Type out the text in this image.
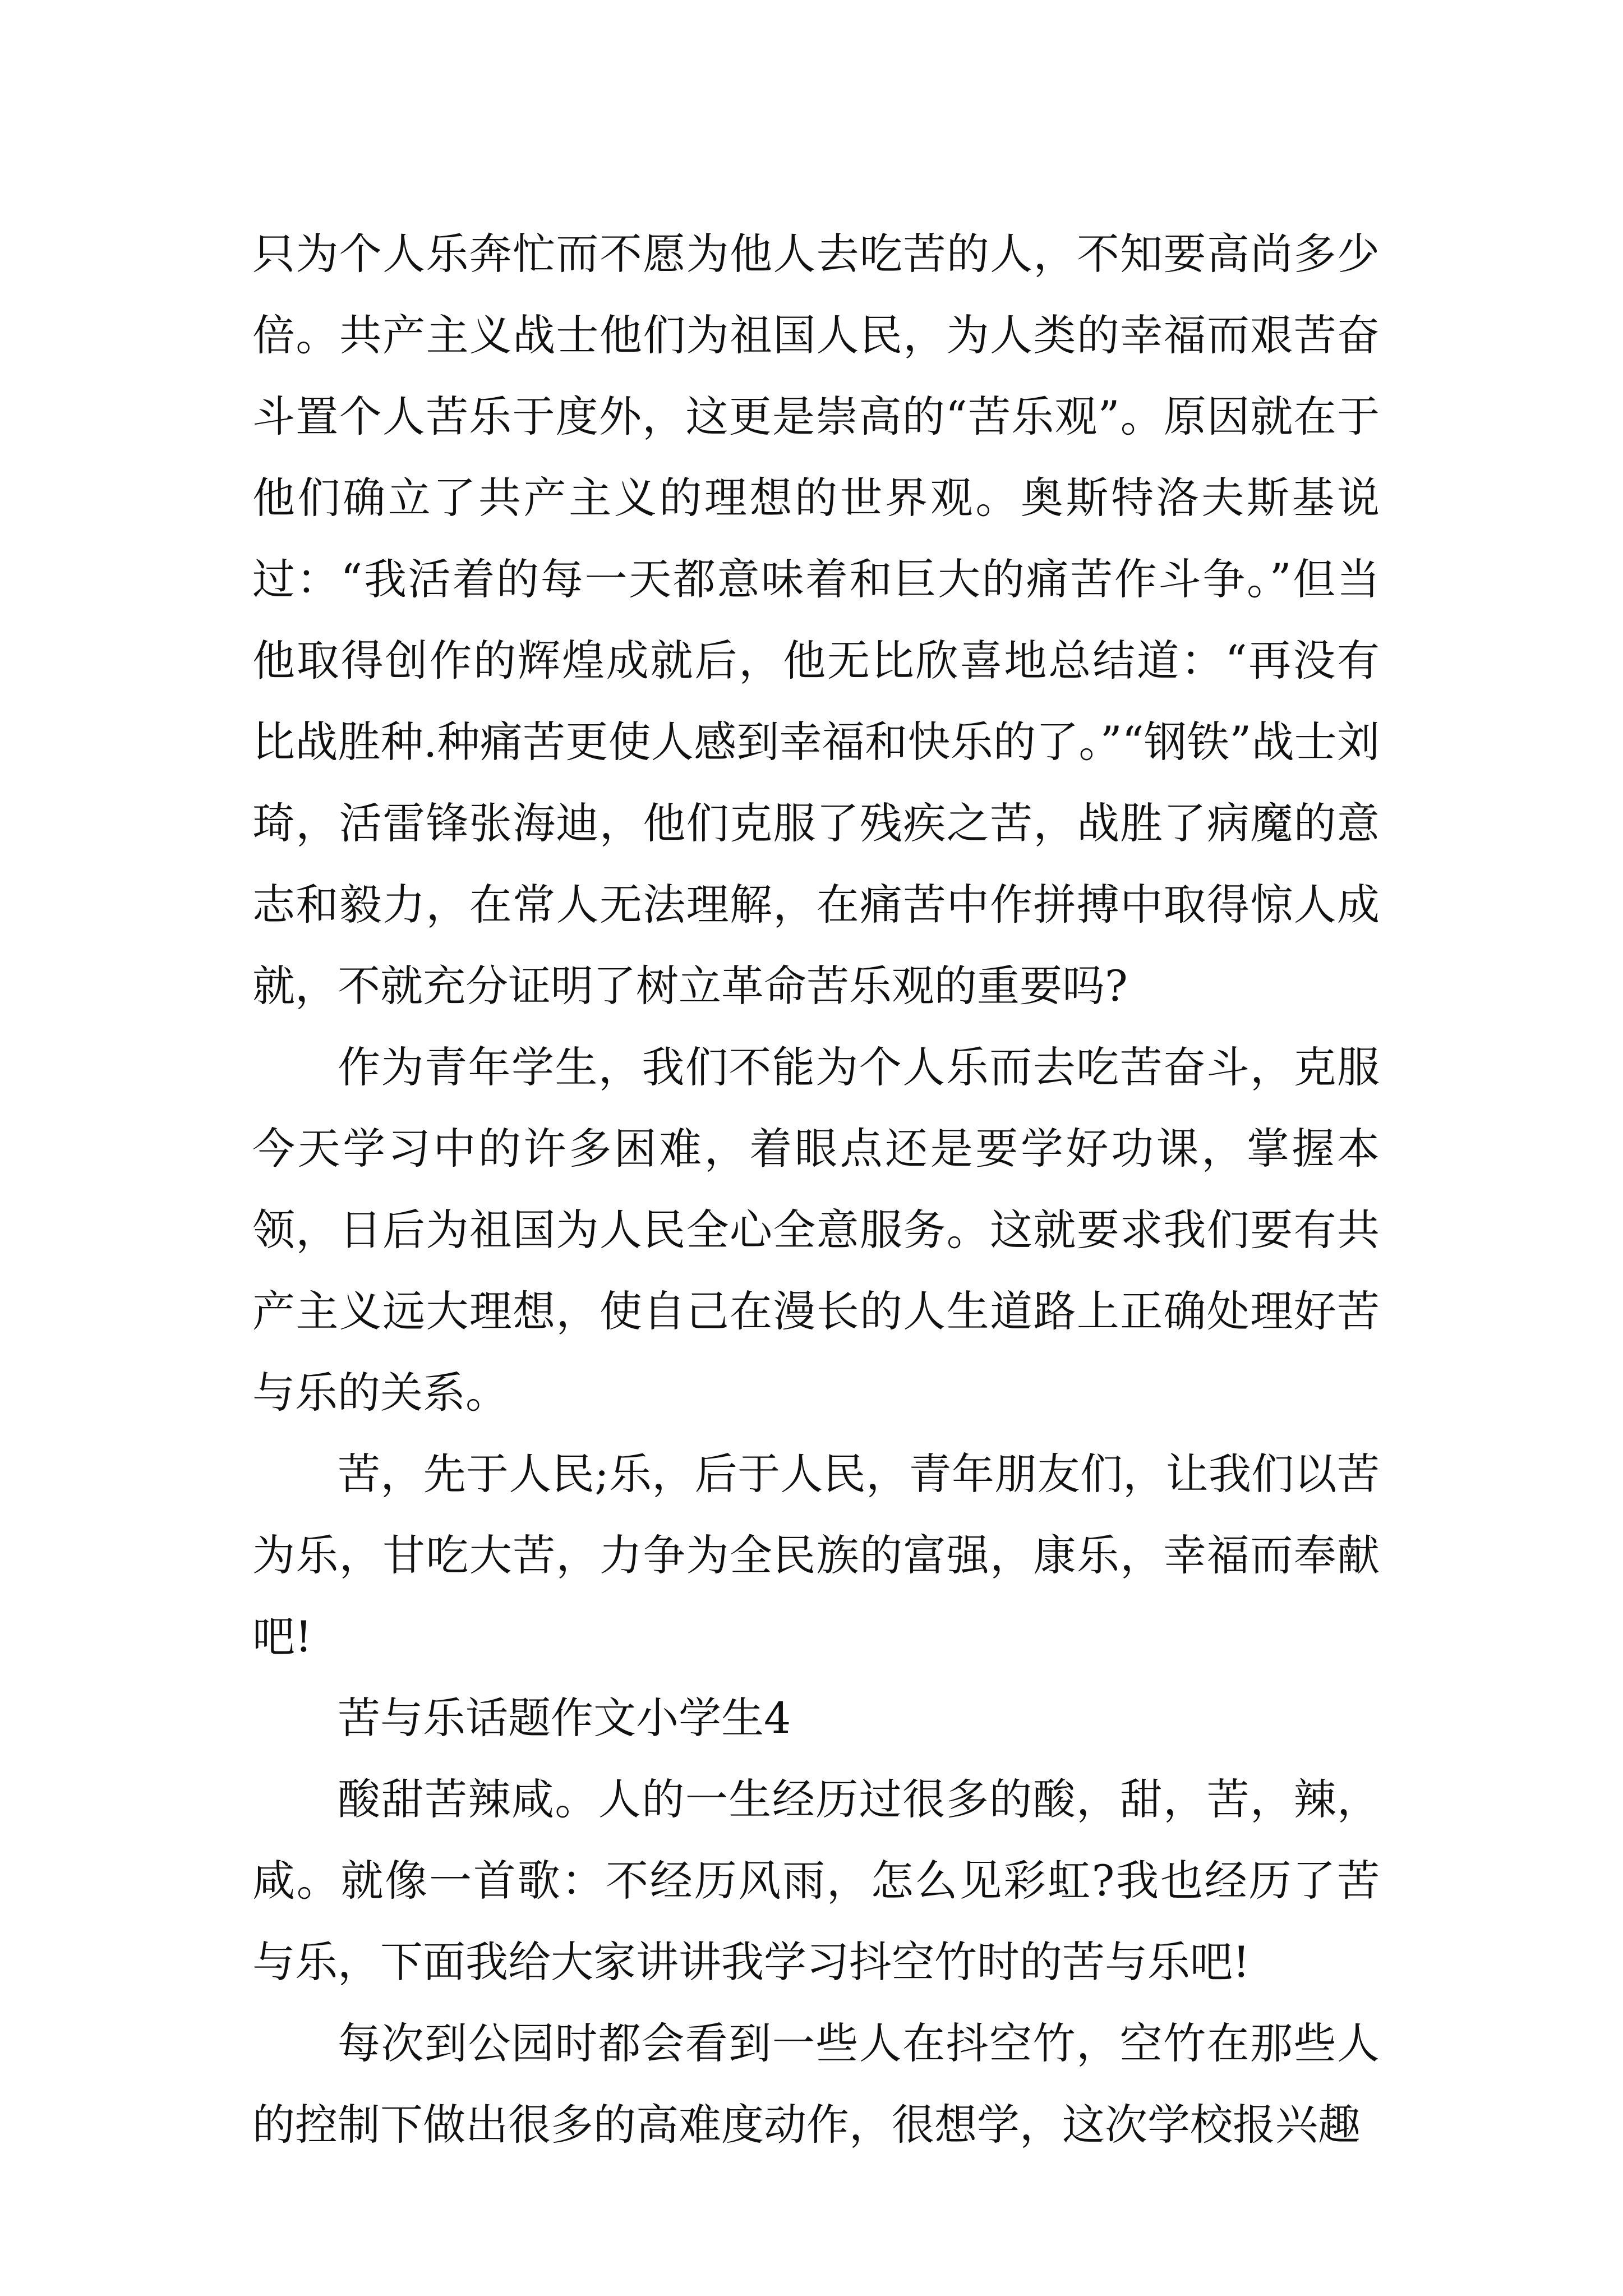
只为个人乐奔忙而不愿为他人去吃苦的人，不知要高尚多少倍。共产主义战士他们为祖国人民，为人类的幸福而艰苦奋斗置个人苦乐于度外，这更是崇高的“苦乐观”。原因就在于他们确立了共产主义的理想的世界观。奥斯特洛夫斯基说过：“我活着的每一天都意味着和巨大的痛苦作斗争。”但当他取得创作的辉煌成就后，他无比欣喜地总结道：“再没有比战胜种.种痛苦更使人感到幸福和快乐的了。”“钢铁”战士刘琦，活雷锋张海迪，他们克服了残疾之苦，战胜了病魔的意志和毅力，在常人无法理解，在痛苦中作拼搏中取得惊人成就，不就充分证明了树立革命苦乐观的重要吗?

作为青年学生，我们不能为个人乐而去吃苦奋斗，克服今天学习中的许多困难，着眼点还是要学好功课，掌握本领，日后为祖国为人民全心全意服务。这就要求我们要有共产主义远大理想，使自己在漫长的人生道路上正确处理好苦与乐的关系。

苦，先于人民;乐，后于人民，青年朋友们，让我们以苦为乐，甘吃大苦，力争为全民族的富强，康乐，幸福而奉献吧!

苦与乐话题作文小学生4

酸甜苦辣咸。人的一生经历过很多的酸，甜，苦，辣，咸。就像一首歌：不经历风雨，怎么见彩虹?我也经历了苦与乐，下面我给大家讲讲我学习抖空竹时的苦与乐吧!

每次到公园时都会看到一些人在抖空竹，空竹在那些人的控制下做出很多的高难度动作，很想学，这次学校报兴趣
